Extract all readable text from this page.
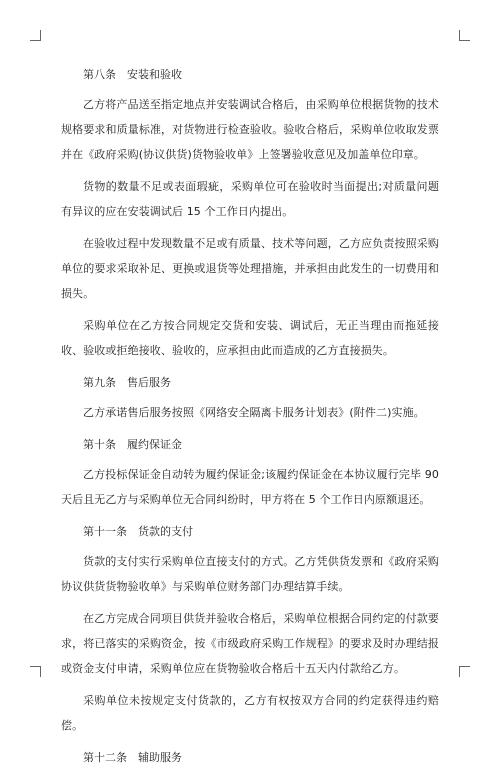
第八条　安装和验收

乙方将产品送至指定地点并安装调试合格后，由采购单位根据货物的技术规格要求和质量标准，对货物进行检查验收。验收合格后，采购单位收取发票并在《政府采购(协议供货)货物验收单》上签署验收意见及加盖单位印章。

货物的数量不足或表面瑕疵，采购单位可在验收时当面提出;对质量问题有异议的应在安装调试后 15 个工作日内提出。

在验收过程中发现数量不足或有质量、技术等问题，乙方应负责按照采购单位的要求采取补足、更换或退货等处理措施，并承担由此发生的一切费用和损失。

采购单位在乙方按合同规定交货和安装、调试后，无正当理由而拖延接收、验收或拒绝接收、验收的，应承担由此而造成的乙方直接损失。

第九条　售后服务

乙方承诺售后服务按照《网络安全隔离卡服务计划表》(附件二)实施。

第十条　履约保证金

乙方投标保证金自动转为履约保证金;该履约保证金在本协议履行完毕 90 天后且无乙方与采购单位无合同纠纷时，甲方将在 5 个工作日内原额退还。

第十一条　货款的支付

货款的支付实行采购单位直接支付的方式。乙方凭供货发票和《政府采购协议供货货物验收单》与采购单位财务部门办理结算手续。

在乙方完成合同项目供货并验收合格后，采购单位根据合同约定的付款要求，将已落实的采购资金，按《市级政府采购工作规程》的要求及时办理结报或资金支付申请，采购单位应在货物验收合格后十五天内付款给乙方。

采购单位未按规定支付货款的，乙方有权按双方合同的约定获得违约赔偿。

第十二条　辅助服务
